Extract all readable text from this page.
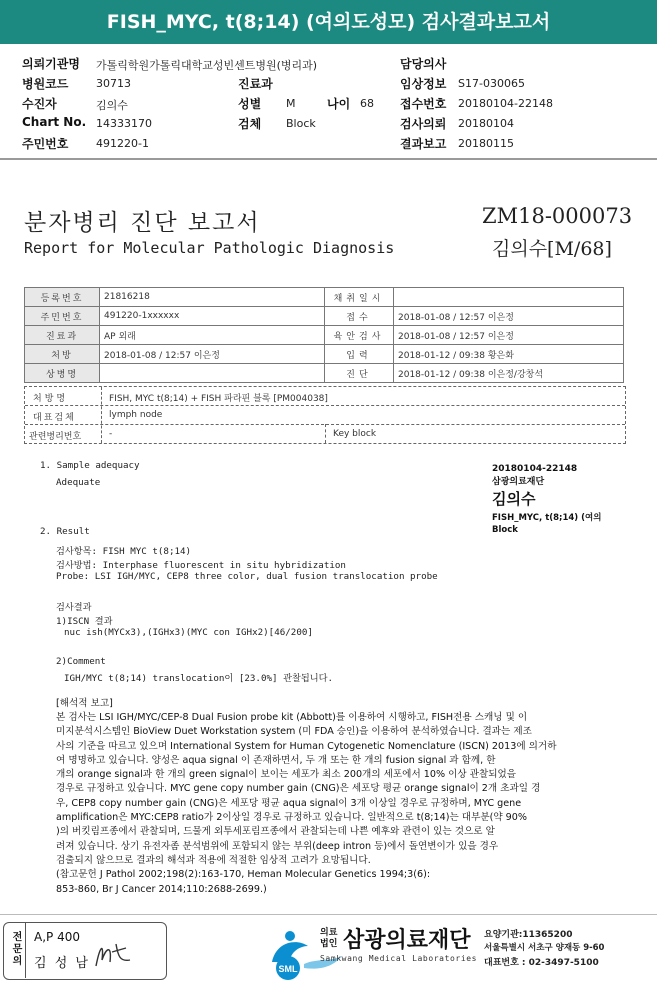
FISH_MYC, t(8;14) (여의도성모) 검사결과보고서
의뢰기관명 가톨릭학원가톨릭대학교성빈센트병원(병리과)
병원코드	30713
수진자	김의수
Chart No. 14333170
주민번호	491220-1
진료과
성별 M	나이 68
검체 Block
담당의사
임상정보 S17-030065
접수번호 20180104-22148
검사의뢰 20180104
결과보고 20180115
분자병리 진단 보고서
Report for Molecular Pathologic Diagnosis
ZM18-000073
김의수[M/68]
등록번호	21816218	채취일시	
주민번호	491220-1xxxxxx	접수	2018-01-08 / 12:57 이은정
진료과	AP 외래	육안검사	2018-01-08 / 12:57 이은정
처방	2018-01-08 / 12:57 이은정	입력	2018-01-12 / 09:38 황은화
상병명		진단	2018-01-12 / 09:38 이은정/강창석
처방명	FISH, MYC t(8;14) + FISH 파라핀 블록 [PM004038]
대표검체	lymph node
관련병리번호	-	Key block
1. Sample adequacy
Adequate
2. Result
검사항목: FISH MYC t(8;14)
검사방법: Interphase fluorescent in situ hybridization
Probe: LSI IGH/MYC, CEP8 three color, dual fusion translocation probe
검사결과
1)ISCN 결과
nuc ish(MYCx3),(IGHx3)(MYC con IGHx2)[46/200]
2)Comment
IGH/MYC t(8;14) translocation이 [23.0%] 관찰됩니다.
[해석적 보고]
본 검사는 LSI IGH/MYC/CEP-8 Dual Fusion probe kit (Abbott)를 이용하여 시행하고, FISH전용 스캐닝 및 이
미지분석시스템인 BioView Duet Workstation system (미 FDA 승인)을 이용하여 분석하였습니다. 결과는 제조
사의 기준을 따르고 있으며 International System for Human Cytogenetic Nomenclature (ISCN) 2013에 의거하
여 명명하고 있습니다. 양성은 aqua signal 이 존재하면서, 두 개 또는 한 개의 fusion signal 과 함께, 한
개의 orange signal과 한 개의 green signal이 보이는 세포가 최소 200개의 세포에서 10% 이상 관찰되었을
경우로 규정하고 있습니다. MYC gene copy number gain (CNG)은 세포당 평균 orange signal이 2개 초과일 경
우, CEP8 copy number gain (CNG)은 세포당 평균 aqua signal이 3개 이상일 경우로 규정하며, MYC gene
amplification은 MYC:CEP8 ratio가 2이상일 경우로 규정하고 있습니다. 일반적으로 t(8;14)는 대부분(약 90%
)의 버킷림프종에서 관찰되며, 드물게 외투세포림프종에서 관찰되는데 나쁜 예후와 관련이 있는 것으로 알
려져 있습니다. 상기 유전자좀 분석범위에 포함되지 않는 부위(deep intron 등)에서 돌연변이가 있을 경우
검출되지 않으므로 결과의 해석과 적용에 적절한 임상적 고려가 요망됩니다.
(참고문헌 J Pathol 2002;198(2):163-170, Heman Molecular Genetics 1994;3(6):
853-860, Br J Cancer 2014;110:2688-2699.)
20180104-22148
삼광의료재단
김의수
FISH_MYC, t(8;14) (여의
Block
전문의 A,P 400
김 성 남	SML
의료
법인 삼광의료재단
Samkwang Medical Laboratories
요양기관:11365200
서울특별시 서초구 양재동 9-60
대표번호 : 02-3497-5100
